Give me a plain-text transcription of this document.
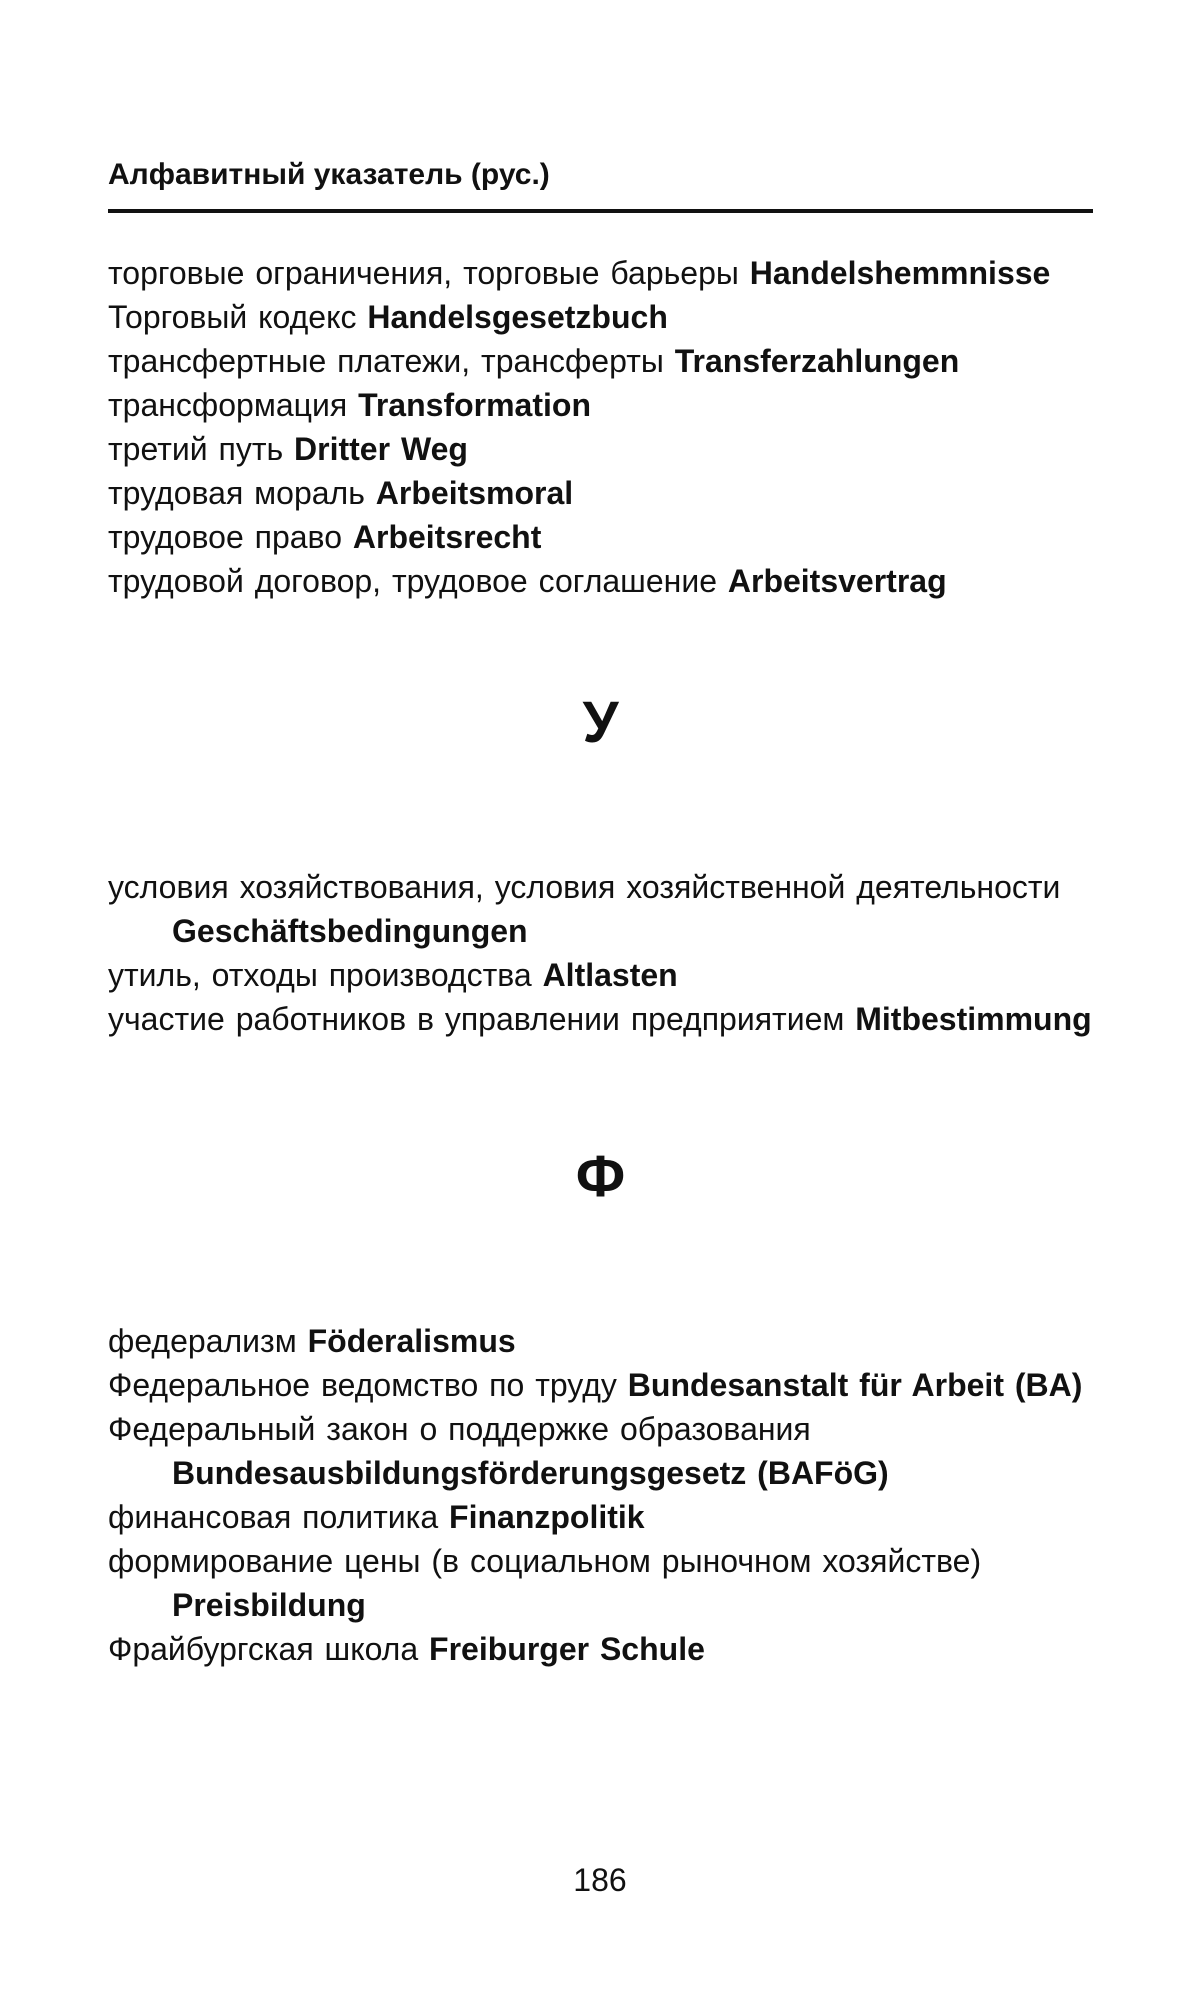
Алфавитный указатель (рус.)
торговые ограничения, торговые барьеры Handelshemmnisse
Торговый кодекс Handelsgesetzbuch
трансфертные платежи, трансферты Transferzahlungen
трансформация Transformation
третий путь Dritter Weg
трудовая мораль Arbeitsmoral
трудовое право Arbeitsrecht
трудовой договор, трудовое соглашение Arbeitsvertrag
У
условия хозяйствования, условия хозяйственной деятельности Geschäftsbedingungen
утиль, отходы производства Altlasten
участие работников в управлении предприятием Mitbestimmung
Ф
федерализм Föderalismus
Федеральное ведомство по труду Bundesanstalt für Arbeit (BA)
Федеральный закон о поддержке образования Bundesausbildungsförderungsgesetz (BAFöG)
финансовая политика Finanzpolitik
формирование цены (в социальном рыночном хозяйстве) Preisbildung
Фрайбургская школа Freiburger Schule
186
